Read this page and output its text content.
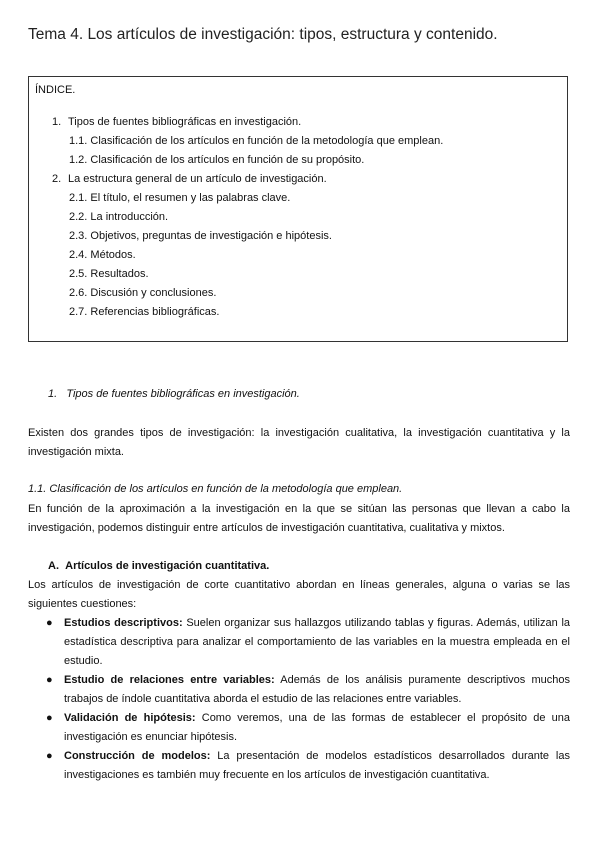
Tema 4. Los artículos de investigación: tipos, estructura y contenido.
ÍNDICE.
1. Tipos de fuentes bibliográficas en investigación.
1.1. Clasificación de los artículos en función de la metodología que emplean.
1.2. Clasificación de los artículos en función de su propósito.
2. La estructura general de un artículo de investigación.
2.1. El título, el resumen y las palabras clave.
2.2. La introducción.
2.3. Objetivos, preguntas de investigación e hipótesis.
2.4. Métodos.
2.5. Resultados.
2.6. Discusión y conclusiones.
2.7. Referencias bibliográficas.
1. Tipos de fuentes bibliográficas en investigación.
Existen dos grandes tipos de investigación: la investigación cualitativa, la investigación cuantitativa y la investigación mixta.
1.1. Clasificación de los artículos en función de la metodología que emplean.
En función de la aproximación a la investigación en la que se sitúan las personas que llevan a cabo la investigación, podemos distinguir entre artículos de investigación cuantitativa, cualitativa y mixtos.
A. Artículos de investigación cuantitativa.
Los artículos de investigación de corte cuantitativo abordan en líneas generales, alguna o varias se las siguientes cuestiones:
● Estudios descriptivos: Suelen organizar sus hallazgos utilizando tablas y figuras. Además, utilizan la estadística descriptiva para analizar el comportamiento de las variables en la muestra empleada en el estudio.
● Estudio de relaciones entre variables: Además de los análisis puramente descriptivos muchos trabajos de índole cuantitativa aborda el estudio de las relaciones entre variables.
● Validación de hipótesis: Como veremos, una de las formas de establecer el propósito de una investigación es enunciar hipótesis.
● Construcción de modelos: La presentación de modelos estadísticos desarrollados durante las investigaciones es también muy frecuente en los artículos de investigación cuantitativa.
